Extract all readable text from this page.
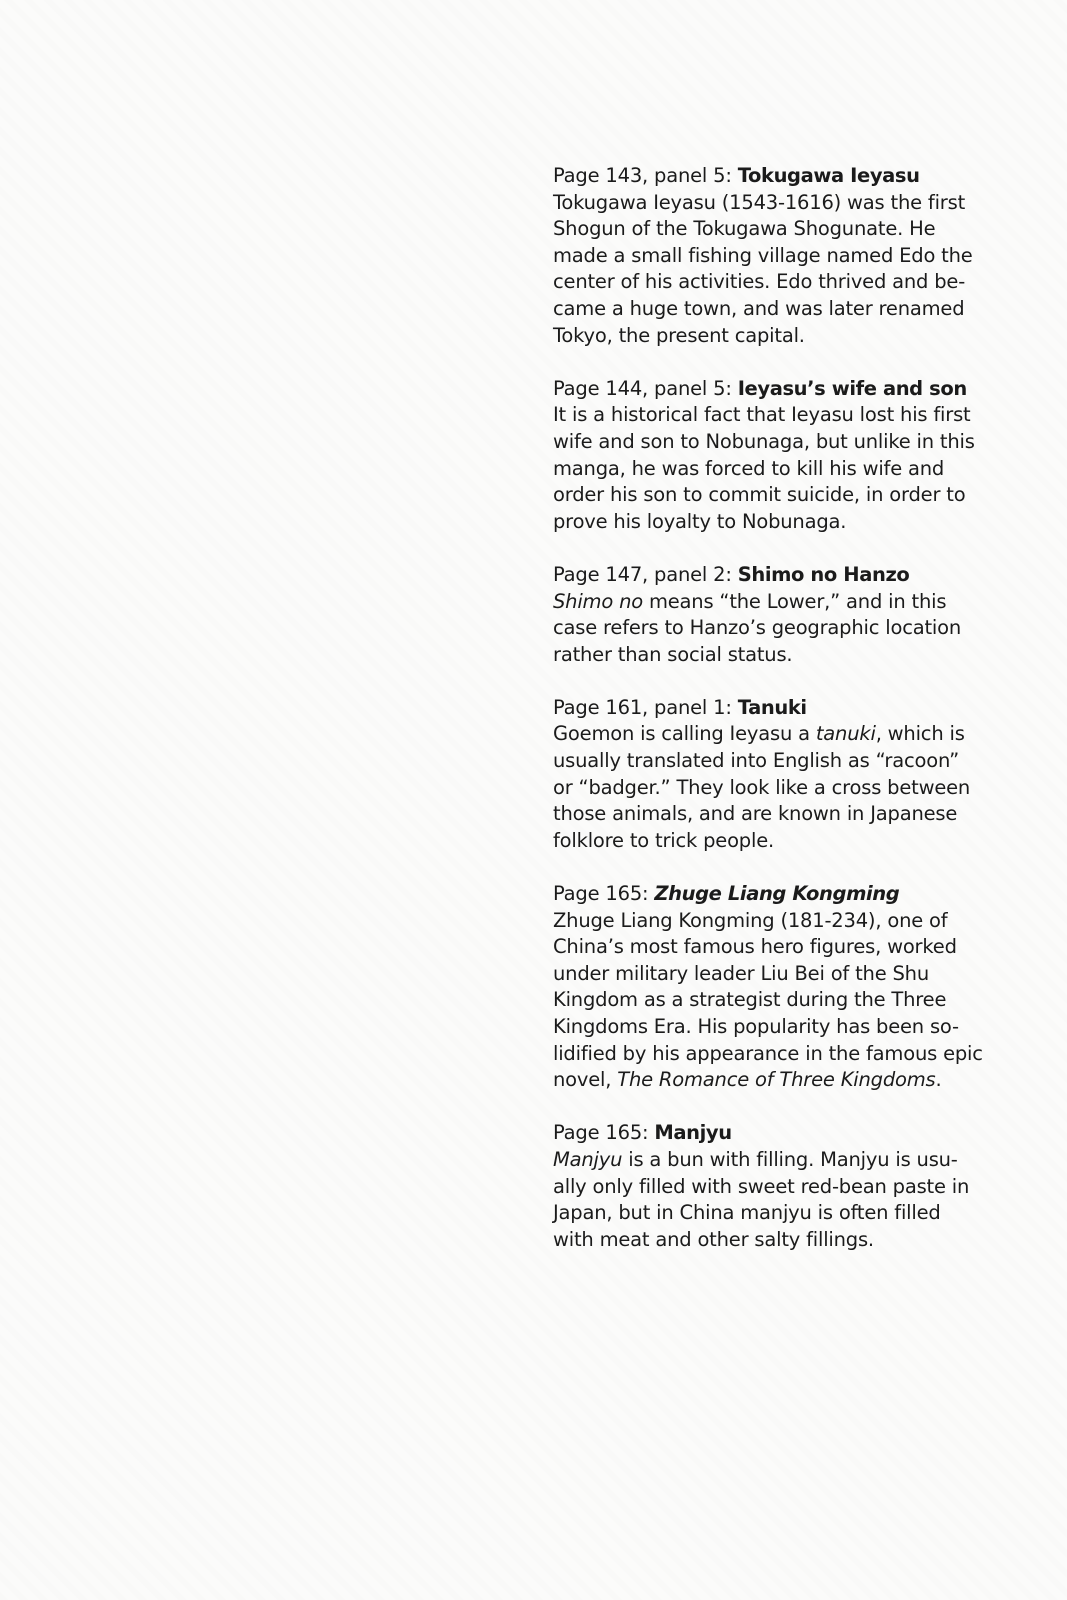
Page 143, panel 5: Tokugawa Ieyasu
Tokugawa Ieyasu (1543-1616) was the first
Shogun of the Tokugawa Shogunate. He
made a small fishing village named Edo the
center of his activities. Edo thrived and be-
came a huge town, and was later renamed
Tokyo, the present capital.
Page 144, panel 5: Ieyasu’s wife and son
It is a historical fact that Ieyasu lost his first
wife and son to Nobunaga, but unlike in this
manga, he was forced to kill his wife and
order his son to commit suicide, in order to
prove his loyalty to Nobunaga.
Page 147, panel 2: Shimo no Hanzo
Shimo no means “the Lower,” and in this
case refers to Hanzo’s geographic location
rather than social status.
Page 161, panel 1: Tanuki
Goemon is calling Ieyasu a tanuki, which is
usually translated into English as “racoon”
or “badger.” They look like a cross between
those animals, and are known in Japanese
folklore to trick people.
Page 165: Zhuge Liang Kongming
Zhuge Liang Kongming (181-234), one of
China’s most famous hero figures, worked
under military leader Liu Bei of the Shu
Kingdom as a strategist during the Three
Kingdoms Era. His popularity has been so-
lidified by his appearance in the famous epic
novel, The Romance of Three Kingdoms.
Page 165: Manjyu
Manjyu is a bun with filling. Manjyu is usu-
ally only filled with sweet red-bean paste in
Japan, but in China manjyu is often filled
with meat and other salty fillings.
